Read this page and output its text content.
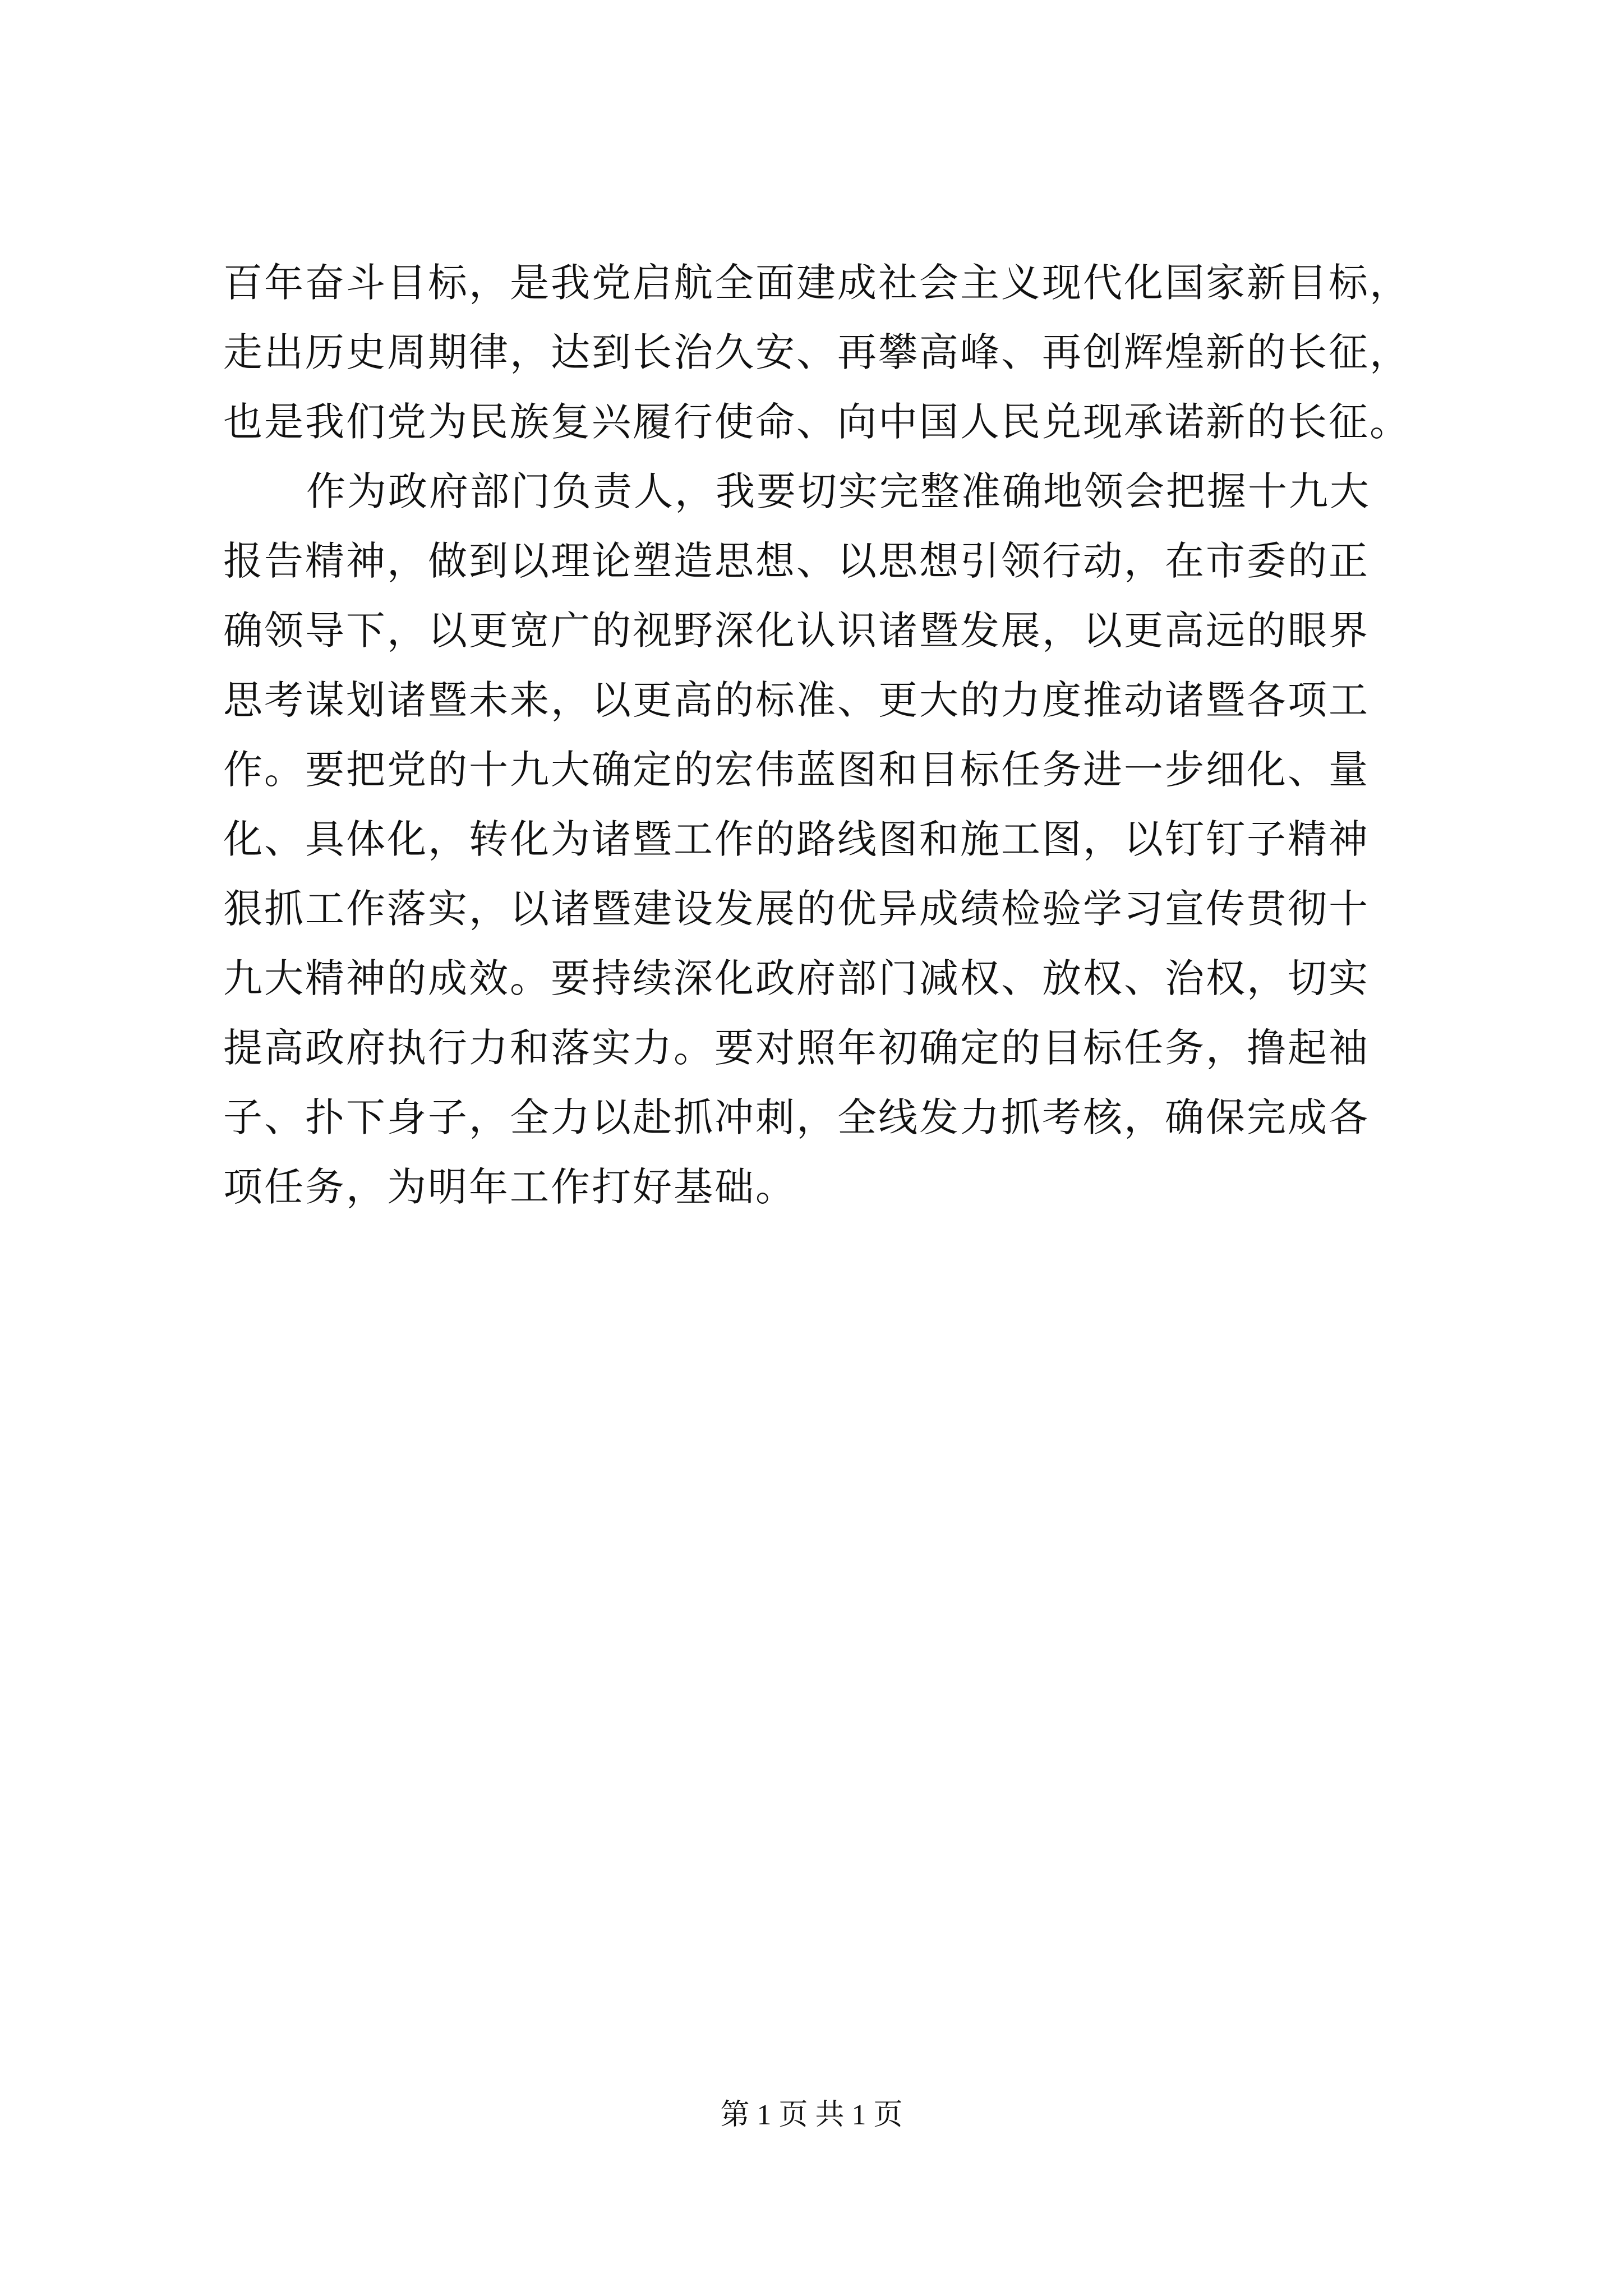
百年奋斗目标，是我党启航全面建成社会主义现代化国家新目标，
走出历史周期律，达到长治久安、再攀高峰、再创辉煌新的长征，
也是我们党为民族复兴履行使命、向中国人民兑现承诺新的长征。
作为政府部门负责人，我要切实完整准确地领会把握十九大
报告精神，做到以理论塑造思想、以思想引领行动，在市委的正
确领导下，以更宽广的视野深化认识诸暨发展，以更高远的眼界
思考谋划诸暨未来，以更高的标准、更大的力度推动诸暨各项工
作。要把党的十九大确定的宏伟蓝图和目标任务进一步细化、量
化、具体化，转化为诸暨工作的路线图和施工图，以钉钉子精神
狠抓工作落实，以诸暨建设发展的优异成绩检验学习宣传贯彻十
九大精神的成效。要持续深化政府部门减权、放权、治权，切实
提高政府执行力和落实力。要对照年初确定的目标任务，撸起袖
子、扑下身子，全力以赴抓冲刺，全线发力抓考核，确保完成各
项任务，为明年工作打好基础。
第 1 页 共 1 页
